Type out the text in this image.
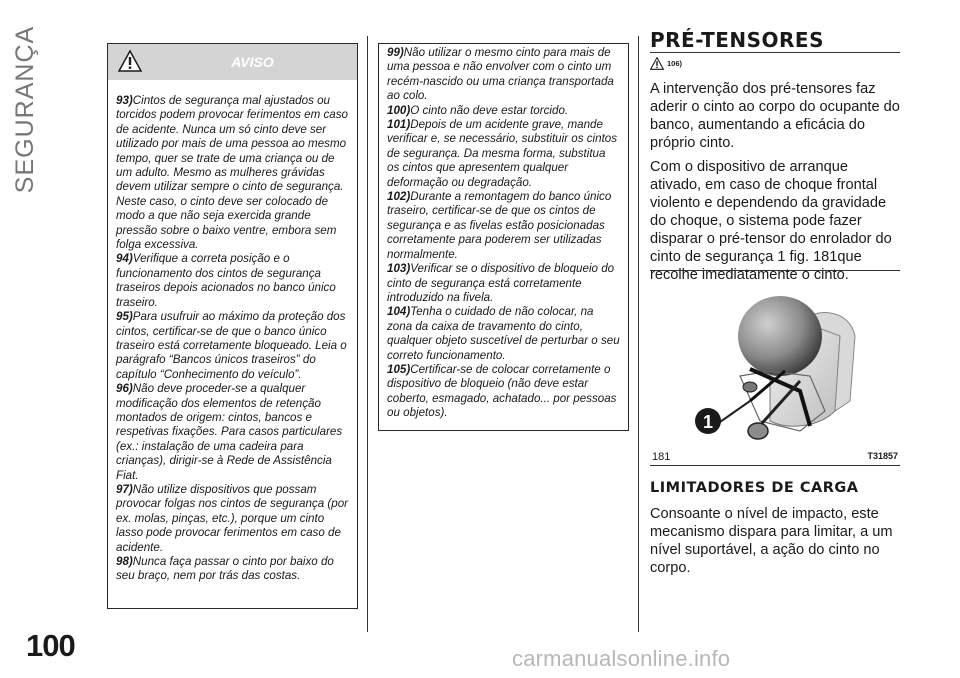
SEGURANÇA	AVISO

93)Cintos de segurança mal ajustados ou torcidos podem provocar ferimentos em caso de acidente. Nunca um só cinto deve ser utilizado por mais de uma pessoa ao mesmo tempo, quer se trate de uma criança ou de um adulto. Mesmo as mulheres grávidas devem utilizar sempre o cinto de segurança. Neste caso, o cinto deve ser colocado de modo a que não seja exercida grande pressão sobre o baixo ventre, embora sem folga excessiva.

94)Verifique a correta posição e o funcionamento dos cintos de segurança traseiros depois acionados no banco único traseiro.

95)Para usufruir ao máximo da proteção dos cintos, certificar-se de que o banco único traseiro está corretamente bloqueado. Leia o parágrafo “Bancos únicos traseiros” do capítulo “Conhecimento do veículo”.

96)Não deve proceder-se a qualquer modificação dos elementos de retenção montados de origem: cintos, bancos e respetivas fixações. Para casos particulares (ex.: instalação de uma cadeira para crianças), dirigir-se à Rede de Assistência Fiat.

97)Não utilize dispositivos que possam provocar folgas nos cintos de segurança (por ex. molas, pinças, etc.), porque um cinto lasso pode provocar ferimentos em caso de acidente.

98)Nunca faça passar o cinto por baixo do seu braço, nem por trás das costas.

99)Não utilizar o mesmo cinto para mais de uma pessoa e não envolver com o cinto um recém-nascido ou uma criança transportada ao colo.

100)O cinto não deve estar torcido.

101)Depois de um acidente grave, mande verificar e, se necessário, substituir os cintos de segurança. Da mesma forma, substitua os cintos que apresentem qualquer deformação ou degradação.

102)Durante a remontagem do banco único traseiro, certificar-se de que os cintos de segurança e as fivelas estão posicionadas corretamente para poderem ser utilizadas normalmente.

103)Verificar se o dispositivo de bloqueio do cinto de segurança está corretamente introduzido na fivela.

104)Tenha o cuidado de não colocar, na zona da caixa de travamento do cinto, qualquer objeto suscetível de perturbar o seu correto funcionamento.

105)Certificar-se de colocar corretamente o dispositivo de bloqueio (não deve estar coberto, esmagado, achatado... por pessoas ou objetos).

PRÉ-TENSORES
106)

A intervenção dos pré-tensores faz aderir o cinto ao corpo do ocupante do banco, aumentando a eficácia do próprio cinto.

Com o dispositivo de arranque ativado, em caso de choque frontal violento e dependendo da gravidade do choque, o sistema pode fazer disparar o pré-tensor do enrolador do cinto de segurança 1 fig. 181que recolhe imediatamente o cinto.

1
181	T31857
LIMITADORES DE CARGA

Consoante o nível de impacto, este mecanismo dispara para limitar, a um nível suportável, a ação do cinto no corpo.

100	carmanualsonline.info
